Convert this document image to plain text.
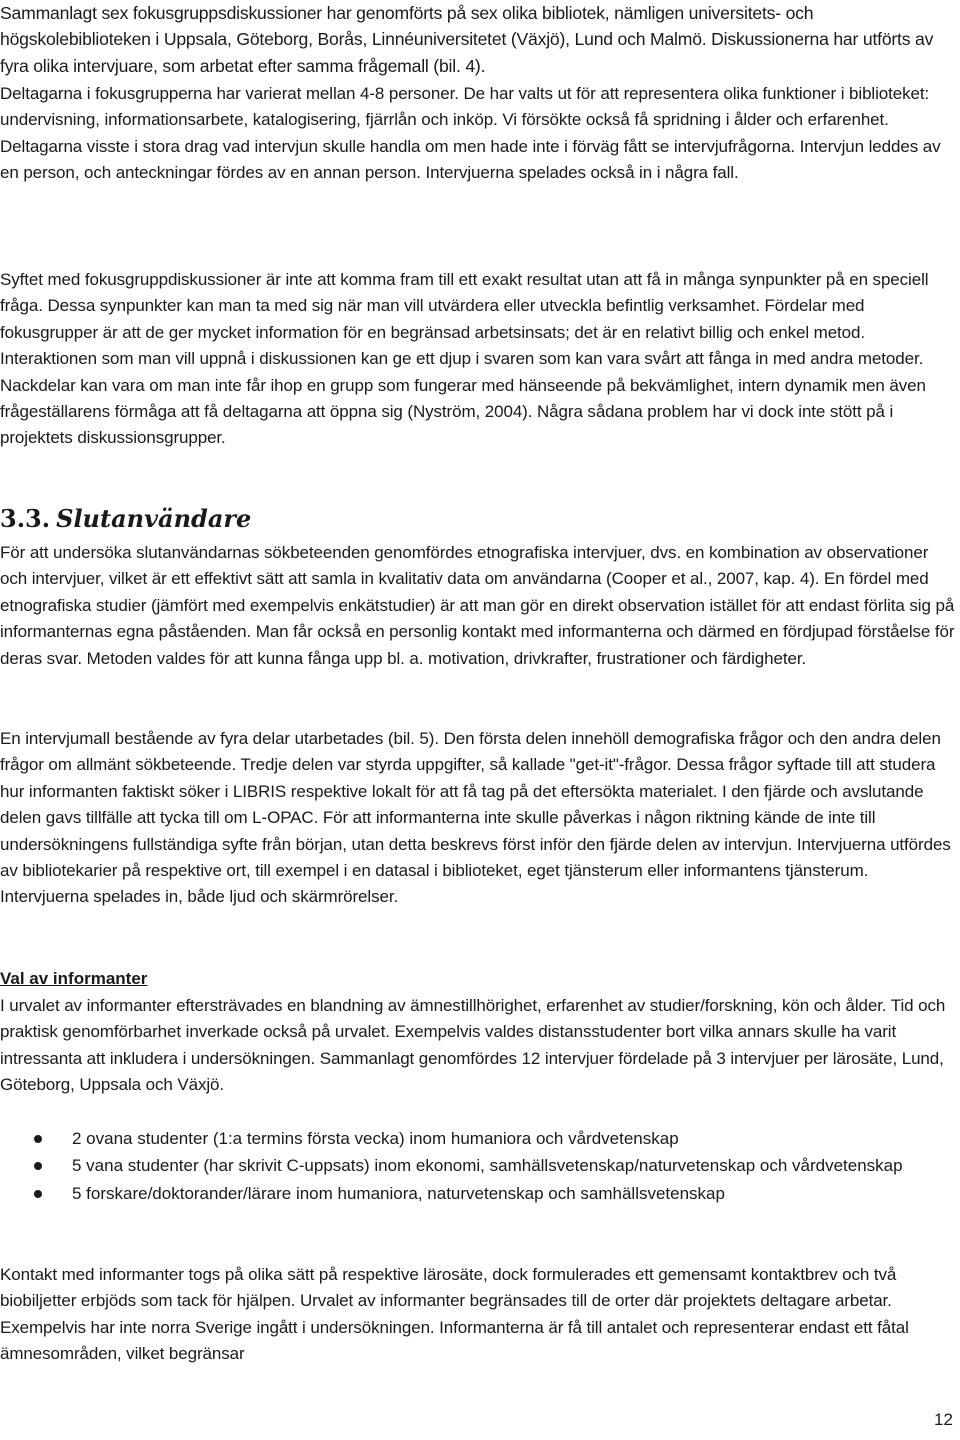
Sammanlagt sex fokusgruppsdiskussioner har genomförts på sex olika bibliotek, nämligen universitets- och högskolebiblioteken i Uppsala, Göteborg, Borås, Linnéuniversitetet (Växjö), Lund och Malmö. Diskussionerna har utförts av fyra olika intervjuare, som arbetat efter samma frågemall (bil. 4).

Deltagarna i fokusgrupperna har varierat mellan 4-8 personer. De har valts ut för att representera olika funktioner i biblioteket: undervisning, informationsarbete, katalogisering, fjärrlån och inköp. Vi försökte också få spridning i ålder och erfarenhet. Deltagarna visste i stora drag vad intervjun skulle handla om men hade inte i förväg fått se intervjufrågorna. Intervjun leddes av en person, och anteckningar fördes av en annan person. Intervjuerna spelades också in i några fall.

Syftet med fokusgruppdiskussioner är inte att komma fram till ett exakt resultat utan att få in många synpunkter på en speciell fråga. Dessa synpunkter kan man ta med sig när man vill utvärdera eller utveckla befintlig verksamhet. Fördelar med fokusgrupper är att de ger mycket information för en begränsad arbetsinsats; det är en relativt billig och enkel metod. Interaktionen som man vill uppnå i diskussionen kan ge ett djup i svaren som kan vara svårt att fånga in med andra metoder. Nackdelar kan vara om man inte får ihop en grupp som fungerar med hänseende på bekvämlighet, intern dynamik men även frågeställarens förmåga att få deltagarna att öppna sig (Nyström, 2004). Några sådana problem har vi dock inte stött på i projektets diskussionsgrupper.

3.3. Slutanvändare

För att undersöka slutanvändarnas sökbeteenden genomfördes etnografiska intervjuer, dvs. en kombination av observationer och intervjuer, vilket är ett effektivt sätt att samla in kvalitativ data om användarna (Cooper et al., 2007, kap. 4). En fördel med etnografiska studier (jämfört med exempelvis enkätstudier) är att man gör en direkt observation istället för att endast förlita sig på informanternas egna påståenden. Man får också en personlig kontakt med informanterna och därmed en fördjupad förståelse för deras svar. Metoden valdes för att kunna fånga upp bl. a. motivation, drivkrafter, frustrationer och färdigheter.

En intervjumall bestående av fyra delar utarbetades (bil. 5). Den första delen innehöll demografiska frågor och den andra delen frågor om allmänt sökbeteende. Tredje delen var styrda uppgifter, så kallade "get-it"-frågor. Dessa frågor syftade till att studera hur informanten faktiskt söker i LIBRIS respektive lokalt för att få tag på det eftersökta materialet. I den fjärde och avslutande delen gavs tillfälle att tycka till om L-OPAC. För att informanterna inte skulle påverkas i någon riktning kände de inte till undersökningens fullständiga syfte från början, utan detta beskrevs först inför den fjärde delen av intervjun. Intervjuerna utfördes av bibliotekarier på respektive ort, till exempel i en datasal i biblioteket, eget tjänsterum eller informantens tjänsterum. Intervjuerna spelades in, både ljud och skärmrörelser.

Val av informanter

I urvalet av informanter eftersträvades en blandning av ämnestillhörighet, erfarenhet av studier/forskning, kön och ålder. Tid och praktisk genomförbarhet inverkade också på urvalet. Exempelvis valdes distansstudenter bort vilka annars skulle ha varit intressanta att inkludera i undersökningen. Sammanlagt genomfördes 12 intervjuer fördelade på 3 intervjuer per lärosäte, Lund, Göteborg, Uppsala och Växjö.

2 ovana studenter (1:a termins första vecka) inom humaniora och vårdvetenskap
5 vana studenter (har skrivit C-uppsats) inom ekonomi, samhällsvetenskap/naturvetenskap och vårdvetenskap
5 forskare/doktorander/lärare inom humaniora, naturvetenskap och samhällsvetenskap

Kontakt med informanter togs på olika sätt på respektive lärosäte, dock formulerades ett gemensamt kontaktbrev och två biobiljetter erbjöds som tack för hjälpen. Urvalet av informanter begränsades till de orter där projektets deltagare arbetar. Exempelvis har inte norra Sverige ingått i undersökningen. Informanterna är få till antalet och representerar endast ett fåtal ämnesområden, vilket begränsar

12
